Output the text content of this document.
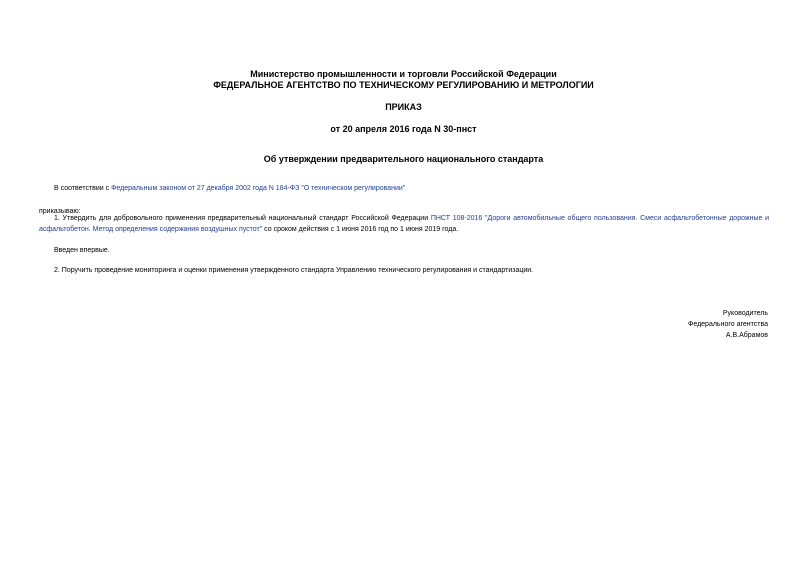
Министерство промышленности и торговли Российской Федерации
ФЕДЕРАЛЬНОЕ АГЕНТСТВО ПО ТЕХНИЧЕСКОМУ РЕГУЛИРОВАНИЮ И МЕТРОЛОГИИ
ПРИКАЗ
от 20 апреля 2016 года N 30-пнст
Об утверждении предварительного национального стандарта
В соответствии с Федеральным законом от 27 декабря 2002 года N 184-ФЗ "О техническом регулировании"
приказываю:
1. Утвердить для добровольного применения предварительный национальный стандарт Российской Федерации ПНСТ 108-2016 "Дороги автомобильные общего пользования. Смеси асфальтобетонные дорожные и асфальтобетон. Метод определения содержания воздушных пустот" со сроком действия с 1 июня 2016 год по 1 июня 2019 года.
Введен впервые.
2. Поручить проведение мониторинга и оценки применения утвержденного стандарта Управлению технического регулирования и стандартизации.
Руководитель
Федерального агентства
А.В.Абрамов
